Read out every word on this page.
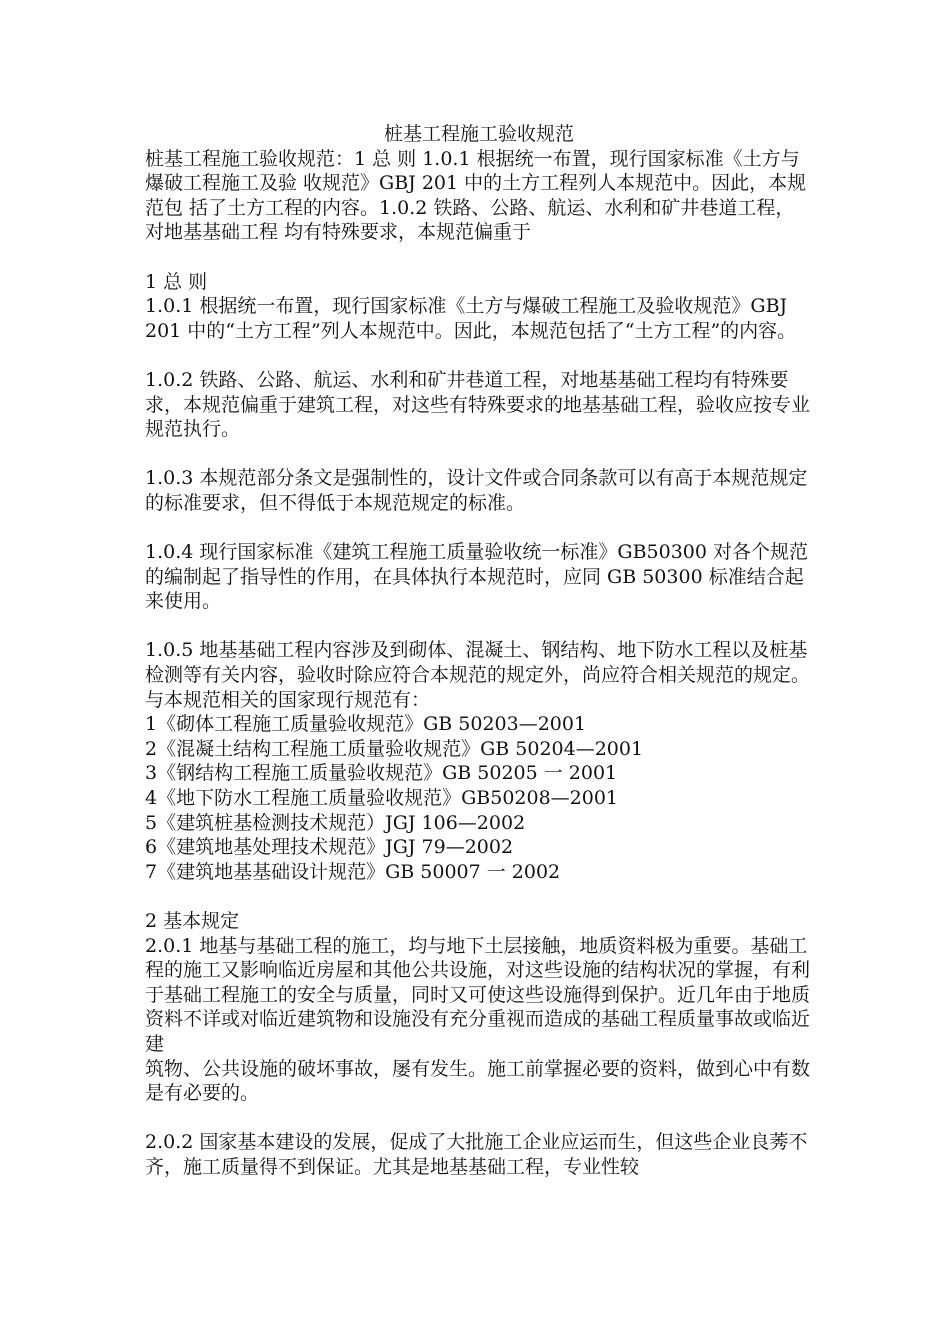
桩基工程施工验收规范

桩基工程施工验收规范：1 总 则 1.0.1 根据统一布置，现行国家标准《土方与爆破工程施工及验 收规范》GBJ 201 中的土方工程列人本规范中。因此，本规范包 括了土方工程的内容。1.0.2 铁路、公路、航运、水利和矿井巷道工程，对地基基础工程 均有特殊要求，本规范偏重于

1 总 则

1.0.1 根据统一布置，现行国家标准《土方与爆破工程施工及验收规范》GBJ 201 中的“土方工程”列人本规范中。因此，本规范包括了“土方工程”的内容。

1.0.2 铁路、公路、航运、水利和矿井巷道工程，对地基基础工程均有特殊要求，本规范偏重于建筑工程，对这些有特殊要求的地基基础工程，验收应按专业规范执行。

1.0.3 本规范部分条文是强制性的，设计文件或合同条款可以有高于本规范规定的标准要求，但不得低于本规范规定的标准。

1.0.4 现行国家标准《建筑工程施工质量验收统一标准》GB50300 对各个规范的编制起了指导性的作用，在具体执行本规范时，应同 GB 50300 标准结合起来使用。

1.0.5 地基基础工程内容涉及到砌体、混凝土、钢结构、地下防水工程以及桩基检测等有关内容，验收时除应符合本规范的规定外，尚应符合相关规范的规定。与本规范相关的国家现行规范有：

1《砌体工程施工质量验收规范》GB 50203—2001
2《混凝土结构工程施工质量验收规范》GB 50204—2001
3《钢结构工程施工质量验收规范》GB 50205 一 2001
4《地下防水工程施工质量验收规范》GB50208—2001
5《建筑桩基检测技术规范）JGJ 106—2002
6《建筑地基处理技术规范》JGJ 79—2002
7《建筑地基基础设计规范》GB 50007 一 2002

2 基本规定

2.0.1 地基与基础工程的施工，均与地下土层接触，地质资料极为重要。基础工程的施工又影响临近房屋和其他公共设施，对这些设施的结构状况的掌握，有利于基础工程施工的安全与质量，同时又可使这些设施得到保护。近几年由于地质资料不详或对临近建筑物和设施没有充分重视而造成的基础工程质量事故或临近建

筑物、公共设施的破坏事故，屡有发生。施工前掌握必要的资料，做到心中有数是有必要的。

2.0.2 国家基本建设的发展，促成了大批施工企业应运而生，但这些企业良莠不齐，施工质量得不到保证。尤其是地基基础工程，专业性较
